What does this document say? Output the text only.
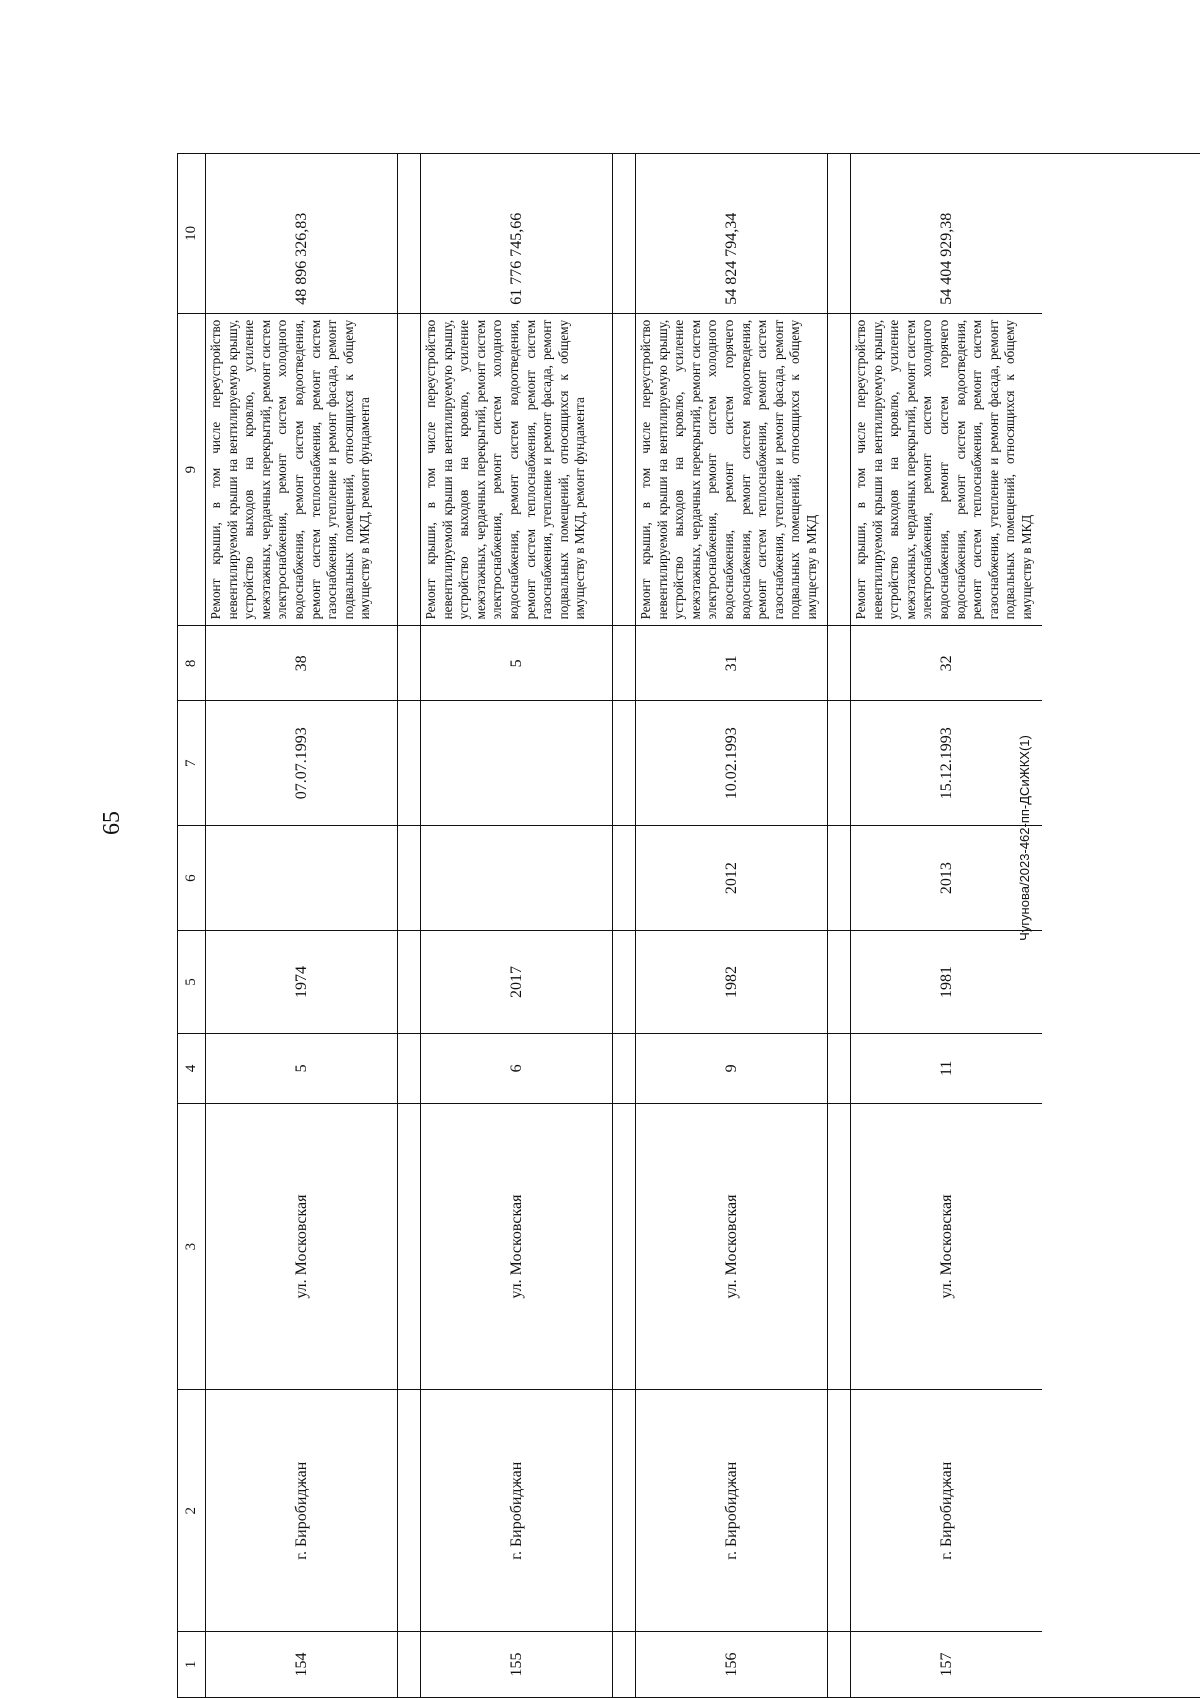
65	Чугунова/2023-462-пп-ДСиЖКХ(1)
1
2
3
4
5
6
7
8
9
10
154
г. Биробиджан
ул. Московская
5
1974
07.07.1993
38
Ремонт крыши, в том числе переустройство невентилируемой крыши на вентилируемую крышу, устройство выходов на кровлю, усиление межэтажных, чердачных перекрытий, ремонт систем электроснабжения, ремонт систем холодного водоснабжения, ремонт систем водоотведения, ремонт систем теплоснабжения, ремонт систем газоснабжения, утепление и ремонт фасада, ремонт подвальных помещений, относящихся к общему имуществу в МКД, ремонт фундамента
48 896 326,83
155
г. Биробиджан
ул. Московская
6
2017
5
Ремонт крыши, в том числе переустройство невентилируемой крыши на вентилируемую крышу, устройство выходов на кровлю, усиление межэтажных, чердачных перекрытий, ремонт систем электроснабжения, ремонт систем холодного водоснабжения, ремонт систем водоотведения, ремонт систем теплоснабжения, ремонт систем газоснабжения, утепление и ремонт фасада, ремонт подвальных помещений, относящихся к общему имуществу в МКД, ремонт фундамента
61 776 745,66
156
г. Биробиджан
ул. Московская
9
1982
2012
10.02.1993
31
Ремонт крыши, в том числе переустройство невентилируемой крыши на вентилируемую крышу, устройство выходов на кровлю, усиление межэтажных, чердачных перекрытий, ремонт систем электроснабжения, ремонт систем холодного водоснабжения, ремонт систем горячего водоснабжения, ремонт систем водоотведения, ремонт систем теплоснабжения, ремонт систем газоснабжения, утепление и ремонт фасада, ремонт подвальных помещений, относящихся к общему имуществу в МКД
54 824 794,34
157
г. Биробиджан
ул. Московская
11
1981
2013
15.12.1993
32
Ремонт крыши, в том числе переустройство невентилируемой крыши на вентилируемую крышу, устройство выходов на кровлю, усиление межэтажных, чердачных перекрытий, ремонт систем электроснабжения, ремонт систем холодного водоснабжения, ремонт систем горячего водоснабжения, ремонт систем водоотведения, ремонт систем теплоснабжения, ремонт систем газоснабжения, утепление и ремонт фасада, ремонт подвальных помещений, относящихся к общему имуществу в МКД
54 404 929,38
